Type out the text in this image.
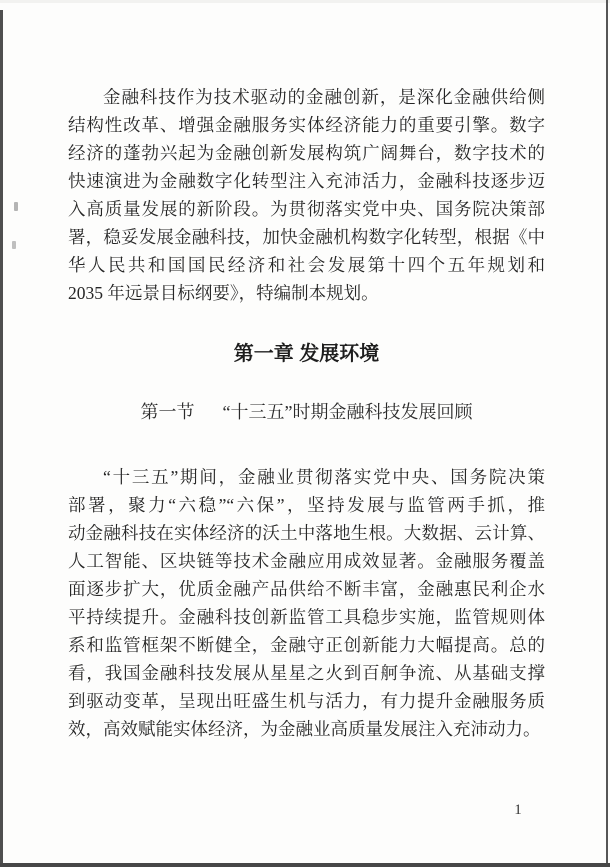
金融科技作为技术驱动的金融创新，是深化金融供给侧
结构性改革、增强金融服务实体经济能力的重要引擎。数字
经济的蓬勃兴起为金融创新发展构筑广阔舞台，数字技术的
快速演进为金融数字化转型注入充沛活力，金融科技逐步迈
入高质量发展的新阶段。为贯彻落实党中央、国务院决策部
署，稳妥发展金融科技，加快金融机构数字化转型，根据《中
华人民共和国国民经济和社会发展第十四个五年规划和
2035 年远景目标纲要》，特编制本规划。
第一章 发展环境
第一节 “十三五”时期金融科技发展回顾
“十三五”期间，金融业贯彻落实党中央、国务院决策
部署，聚力“六稳”“六保”，坚持发展与监管两手抓，推
动金融科技在实体经济的沃土中落地生根。大数据、云计算、
人工智能、区块链等技术金融应用成效显著。金融服务覆盖
面逐步扩大，优质金融产品供给不断丰富，金融惠民利企水
平持续提升。金融科技创新监管工具稳步实施，监管规则体
系和监管框架不断健全，金融守正创新能力大幅提高。总的
看，我国金融科技发展从星星之火到百舸争流、从基础支撑
到驱动变革，呈现出旺盛生机与活力，有力提升金融服务质
效，高效赋能实体经济，为金融业高质量发展注入充沛动力。
1
